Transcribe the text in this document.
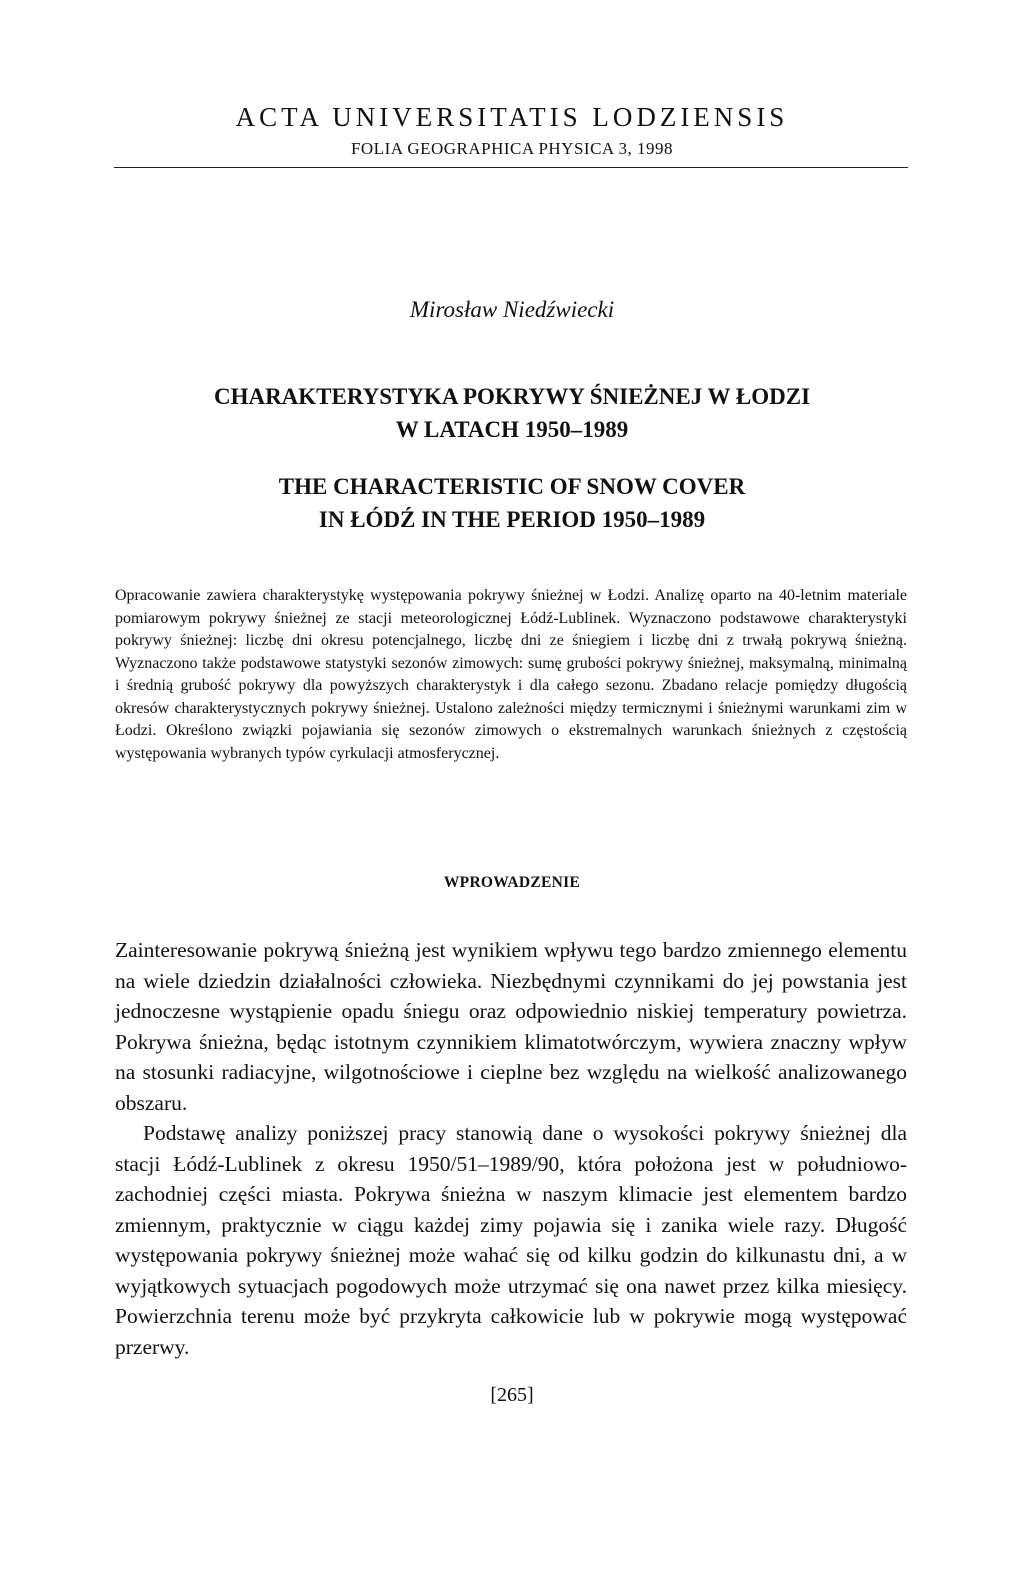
ACTA UNIVERSITATIS LODZIENSIS
FOLIA GEOGRAPHICA PHYSICA 3, 1998
Mirosław Niedźwiecki
CHARAKTERYSTYKA POKRYWY ŚNIEŻNEJ W ŁODZI
W LATACH 1950–1989
THE CHARACTERISTIC OF SNOW COVER
IN ŁÓDŹ IN THE PERIOD 1950–1989
Opracowanie zawiera charakterystykę występowania pokrywy śnieżnej w Łodzi. Analizę oparto na 40-letnim materiale pomiarowym pokrywy śnieżnej ze stacji meteorologicznej Łódź-Lublinek. Wyznaczono podstawowe charakterystyki pokrywy śnieżnej: liczbę dni okresu potencjalnego, liczbę dni ze śniegiem i liczbę dni z trwałą pokrywą śnieżną. Wyznaczono także podstawowe statystyki sezonów zimowych: sumę grubości pokrywy śnieżnej, maksymalną, minimalną i średnią grubość pokrywy dla powyższych charakterystyk i dla całego sezonu. Zbadano relacje pomiędzy długością okresów charakterystycznych pokrywy śnieżnej. Ustalono zależności między termicznymi i śnieżnymi warunkami zim w Łodzi. Określono związki pojawiania się sezonów zimowych o ekstremalnych warunkach śnieżnych z częstością występowania wybranych typów cyrkulacji atmosferycznej.
WPROWADZENIE

Zainteresowanie pokrywą śnieżną jest wynikiem wpływu tego bardzo zmiennego elementu na wiele dziedzin działalności człowieka. Niezbędnymi czynnikami do jej powstania jest jednoczesne wystąpienie opadu śniegu oraz odpowiednio niskiej temperatury powietrza. Pokrywa śnieżna, będąc istotnym czynnikiem klimatotwórczym, wywiera znaczny wpływ na stosunki radiacyjne, wilgotnościowe i cieplne bez względu na wielkość analizowanego obszaru.

Podstawę analizy poniższej pracy stanowią dane o wysokości pokrywy śnieżnej dla stacji Łódź-Lublinek z okresu 1950/51–1989/90, która położona jest w południowo-zachodniej części miasta. Pokrywa śnieżna w naszym klimacie jest elementem bardzo zmiennym, praktycznie w ciągu każdej zimy pojawia się i zanika wiele razy. Długość występowania pokrywy śnieżnej może wahać się od kilku godzin do kilkunastu dni, a w wyjątkowych sytuacjach pogodowych może utrzymać się ona nawet przez kilka miesięcy. Powierzchnia terenu może być przykryta całkowicie lub w pokrywie mogą występować przerwy.

[265]
